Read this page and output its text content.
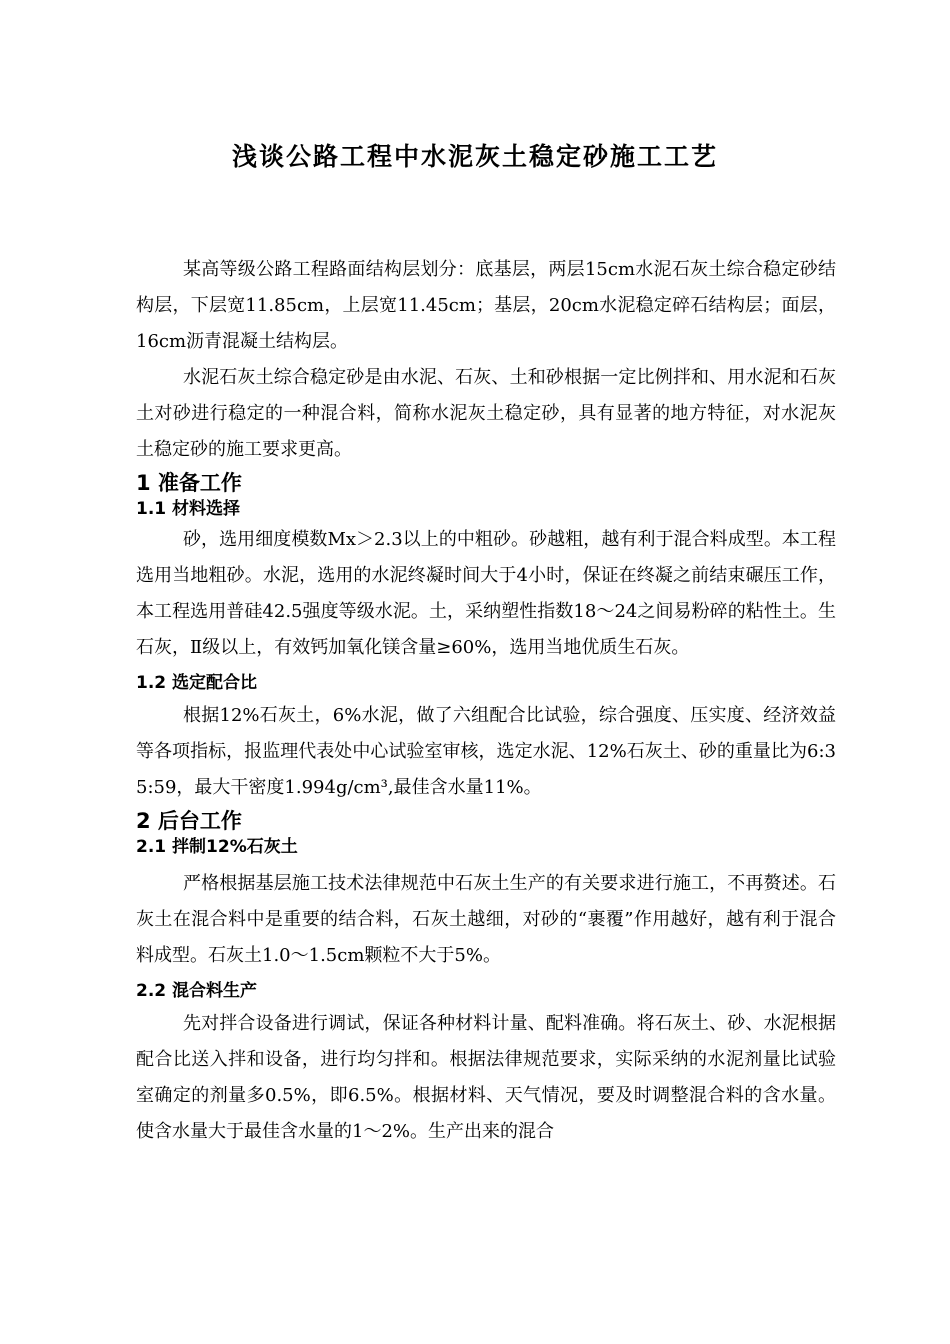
浅谈公路工程中水泥灰土稳定砂施工工艺

某高等级公路工程路面结构层划分：底基层，两层15cm水泥石灰土综合稳定砂结构层，下层宽11.85cm，上层宽11.45cm；基层，20cm水泥稳定碎石结构层；面层，16cm沥青混凝土结构层。

水泥石灰土综合稳定砂是由水泥、石灰、土和砂根据一定比例拌和、用水泥和石灰土对砂进行稳定的一种混合料，简称水泥灰土稳定砂，具有显著的地方特征，对水泥灰土稳定砂的施工要求更高。

1 准备工作
1.1 材料选择

砂，选用细度模数Mx＞2.3以上的中粗砂。砂越粗，越有利于混合料成型。本工程选用当地粗砂。水泥，选用的水泥终凝时间大于4小时，保证在终凝之前结束碾压工作，本工程选用普硅42.5强度等级水泥。土，采纳塑性指数18～24之间易粉碎的粘性土。生石灰，Ⅱ级以上，有效钙加氧化镁含量≥60%，选用当地优质生石灰。

1.2 选定配合比

根据12%石灰土，6%水泥，做了六组配合比试验，综合强度、压实度、经济效益等各项指标，报监理代表处中心试验室审核，选定水泥、12%石灰土、砂的重量比为6:35:59，最大干密度1.994g/cm³,最佳含水量11%。

2 后台工作
2.1 拌制12%石灰土

严格根据基层施工技术法律规范中石灰土生产的有关要求进行施工，不再赘述。石灰土在混合料中是重要的结合料，石灰土越细，对砂的“裹覆”作用越好，越有利于混合料成型。石灰土1.0～1.5cm颗粒不大于5%。

2.2 混合料生产

先对拌合设备进行调试，保证各种材料计量、配料准确。将石灰土、砂、水泥根据配合比送入拌和设备，进行均匀拌和。根据法律规范要求，实际采纳的水泥剂量比试验室确定的剂量多0.5%，即6.5%。根据材料、天气情况，要及时调整混合料的含水量。使含水量大于最佳含水量的1～2%。生产出来的混合
